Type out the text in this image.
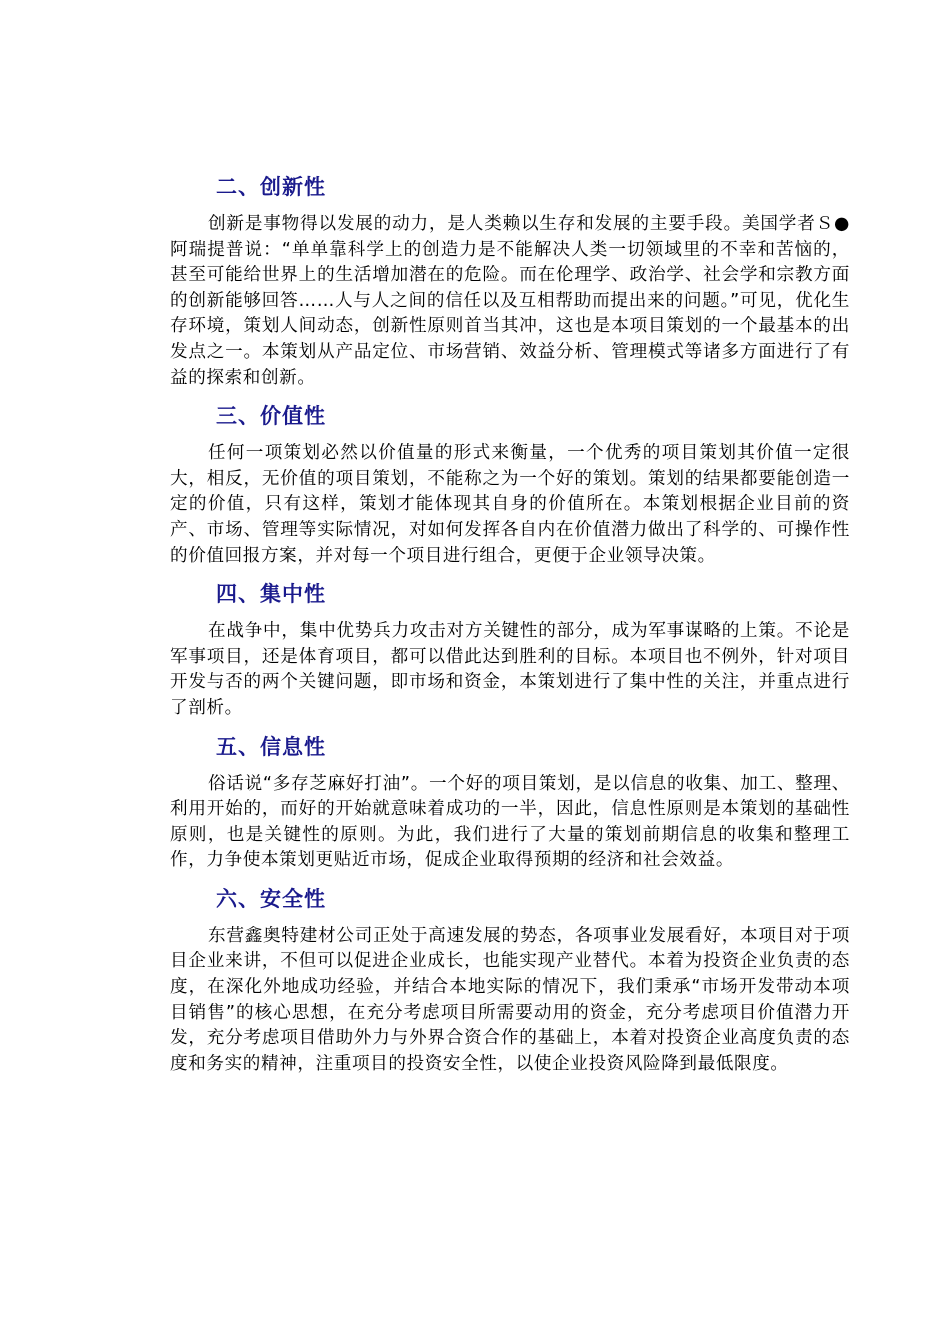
二、创新性

创新是事物得以发展的动力，是人类赖以生存和发展的主要手段。美国学者Ｓ●阿瑞提普说：“单单靠科学上的创造力是不能解决人类一切领域里的不幸和苦恼的，甚至可能给世界上的生活增加潜在的危险。而在伦理学、政治学、社会学和宗教方面的创新能够回答……人与人之间的信任以及互相帮助而提出来的问题。”可见，优化生存环境，策划人间动态，创新性原则首当其冲，这也是本项目策划的一个最基本的出发点之一。本策划从产品定位、市场营销、效益分析、管理模式等诸多方面进行了有益的探索和创新。

三、价值性

任何一项策划必然以价值量的形式来衡量，一个优秀的项目策划其价值一定很大，相反，无价值的项目策划，不能称之为一个好的策划。策划的结果都要能创造一定的价值，只有这样，策划才能体现其自身的价值所在。本策划根据企业目前的资产、市场、管理等实际情况，对如何发挥各自内在价值潜力做出了科学的、可操作性的价值回报方案，并对每一个项目进行组合，更便于企业领导决策。

四、集中性

在战争中，集中优势兵力攻击对方关键性的部分，成为军事谋略的上策。不论是军事项目，还是体育项目，都可以借此达到胜利的目标。本项目也不例外，针对项目开发与否的两个关键问题，即市场和资金，本策划进行了集中性的关注，并重点进行了剖析。

五、信息性

俗话说“多存芝麻好打油”。一个好的项目策划，是以信息的收集、加工、整理、利用开始的，而好的开始就意味着成功的一半，因此，信息性原则是本策划的基础性原则，也是关键性的原则。为此，我们进行了大量的策划前期信息的收集和整理工作，力争使本策划更贴近市场，促成企业取得预期的经济和社会效益。

六、安全性

东营鑫奥特建材公司正处于高速发展的势态，各项事业发展看好，本项目对于项目企业来讲，不但可以促进企业成长，也能实现产业替代。本着为投资企业负责的态度，在深化外地成功经验，并结合本地实际的情况下，我们秉承“市场开发带动本项目销售”的核心思想，在充分考虑项目所需要动用的资金，充分考虑项目价值潜力开发，充分考虑项目借助外力与外界合资合作的基础上，本着对投资企业高度负责的态度和务实的精神，注重项目的投资安全性，以使企业投资风险降到最低限度。
